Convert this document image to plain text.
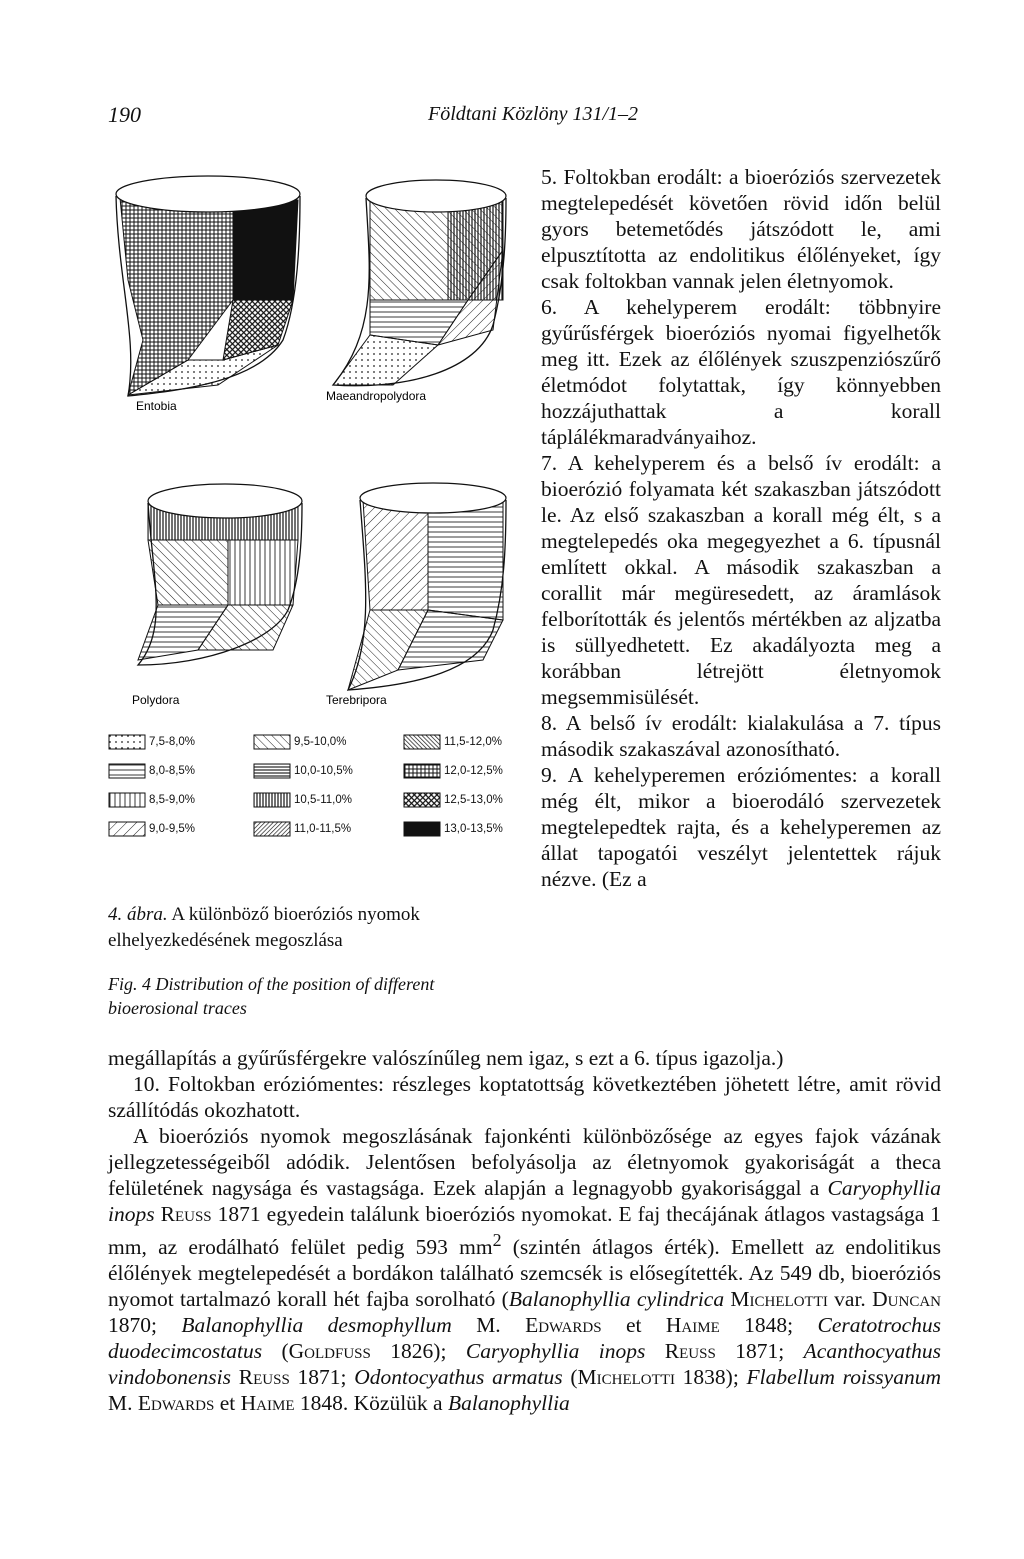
190	Földtani Közlöny 131/1–2
Entobia
Maeandropolydora
Polydora	Terebripora
7,5-8,0%	9,5-10,0%	11,5-12,0%
8,0-8,5%	10,0-10,5%	12,0-12,5%
8,5-9,0%	10,5-11,0%	12,5-13,0%
9,0-9,5%	11,0-11,5%	13,0-13,5%
4. ábra. A különböző bioeróziós nyomok elhelyezkedésének megoszlása
Fig. 4 Distribution of the position of different bioerosional traces

5. Foltokban erodált: a bioeróziós szervezetek megtelepedését követően rövid időn belül gyors betemetődés játszódott le, ami elpusztította az endolitikus élőlényeket, így csak foltokban vannak jelen életnyomok.

6. A kehelyperem erodált: többnyire gyűrűsférgek bioeróziós nyomai figyelhetők meg itt. Ezek az élőlények szuszpenziószűrő életmódot folytattak, így könnyebben hozzájuthattak a korall táplálékmaradványaihoz.

7. A kehelyperem és a belső ív erodált: a bioerózió folyamata két szakaszban játszódott le. Az első szakaszban a korall még élt, s a megtelepedés oka megegyezhet a 6. típusnál említett okkal. A második szakaszban a corallit már megüresedett, az áramlások felborították és jelentős mértékben az aljzatba is süllyedhetett. Ez akadályozta meg a korábban létrejött életnyomok megsemmisülését.

8. A belső ív erodált: kialakulása a 7. típus második szakaszával azonosítható.

9. A kehelyperemen eróziómentes: a korall még élt, mikor a bioerodáló szervezetek megtelepedtek rajta, és a kehelyperemen az állat tapogatói veszélyt jelentettek rájuk nézve. (Ez a

megállapítás a gyűrűsférgekre valószínűleg nem igaz, s ezt a 6. típus igazolja.)

10. Foltokban eróziómentes: részleges koptatottság következtében jöhetett létre, amit rövid szállítódás okozhatott.

A bioeróziós nyomok megoszlásának fajonkénti különbözősége az egyes fajok vázának jellegzetességeiből adódik. Jelentősen befolyásolja az életnyomok gyakoriságát a theca felületének nagysága és vastagsága. Ezek alapján a legnagyobb gyakorisággal a Caryophyllia inops Reuss 1871 egyedein találunk bioeróziós nyomokat. E faj thecájának átlagos vastagsága 1 mm, az erodálható felület pedig 593 $mm^2$ (szintén átlagos érték). Emellett az endolitikus élőlények megtelepedését a bordákon található szemcsék is elősegítették. Az 549 db, bioeróziós nyomot tartalmazó korall hét fajba sorolható (Balanophyllia cylindrica Michelotti var. Duncan 1870; Balanophyllia desmophyllum M. Edwards et Haime 1848; Ceratotrochus duodecimcostatus (Goldfuss 1826); Caryophyllia inops Reuss 1871; Acanthocyathus vindobonensis Reuss 1871; Odontocyathus armatus (Michelotti 1838); Flabellum roissyanum M. Edwards et Haime 1848. Közülük a Balanophyllia
